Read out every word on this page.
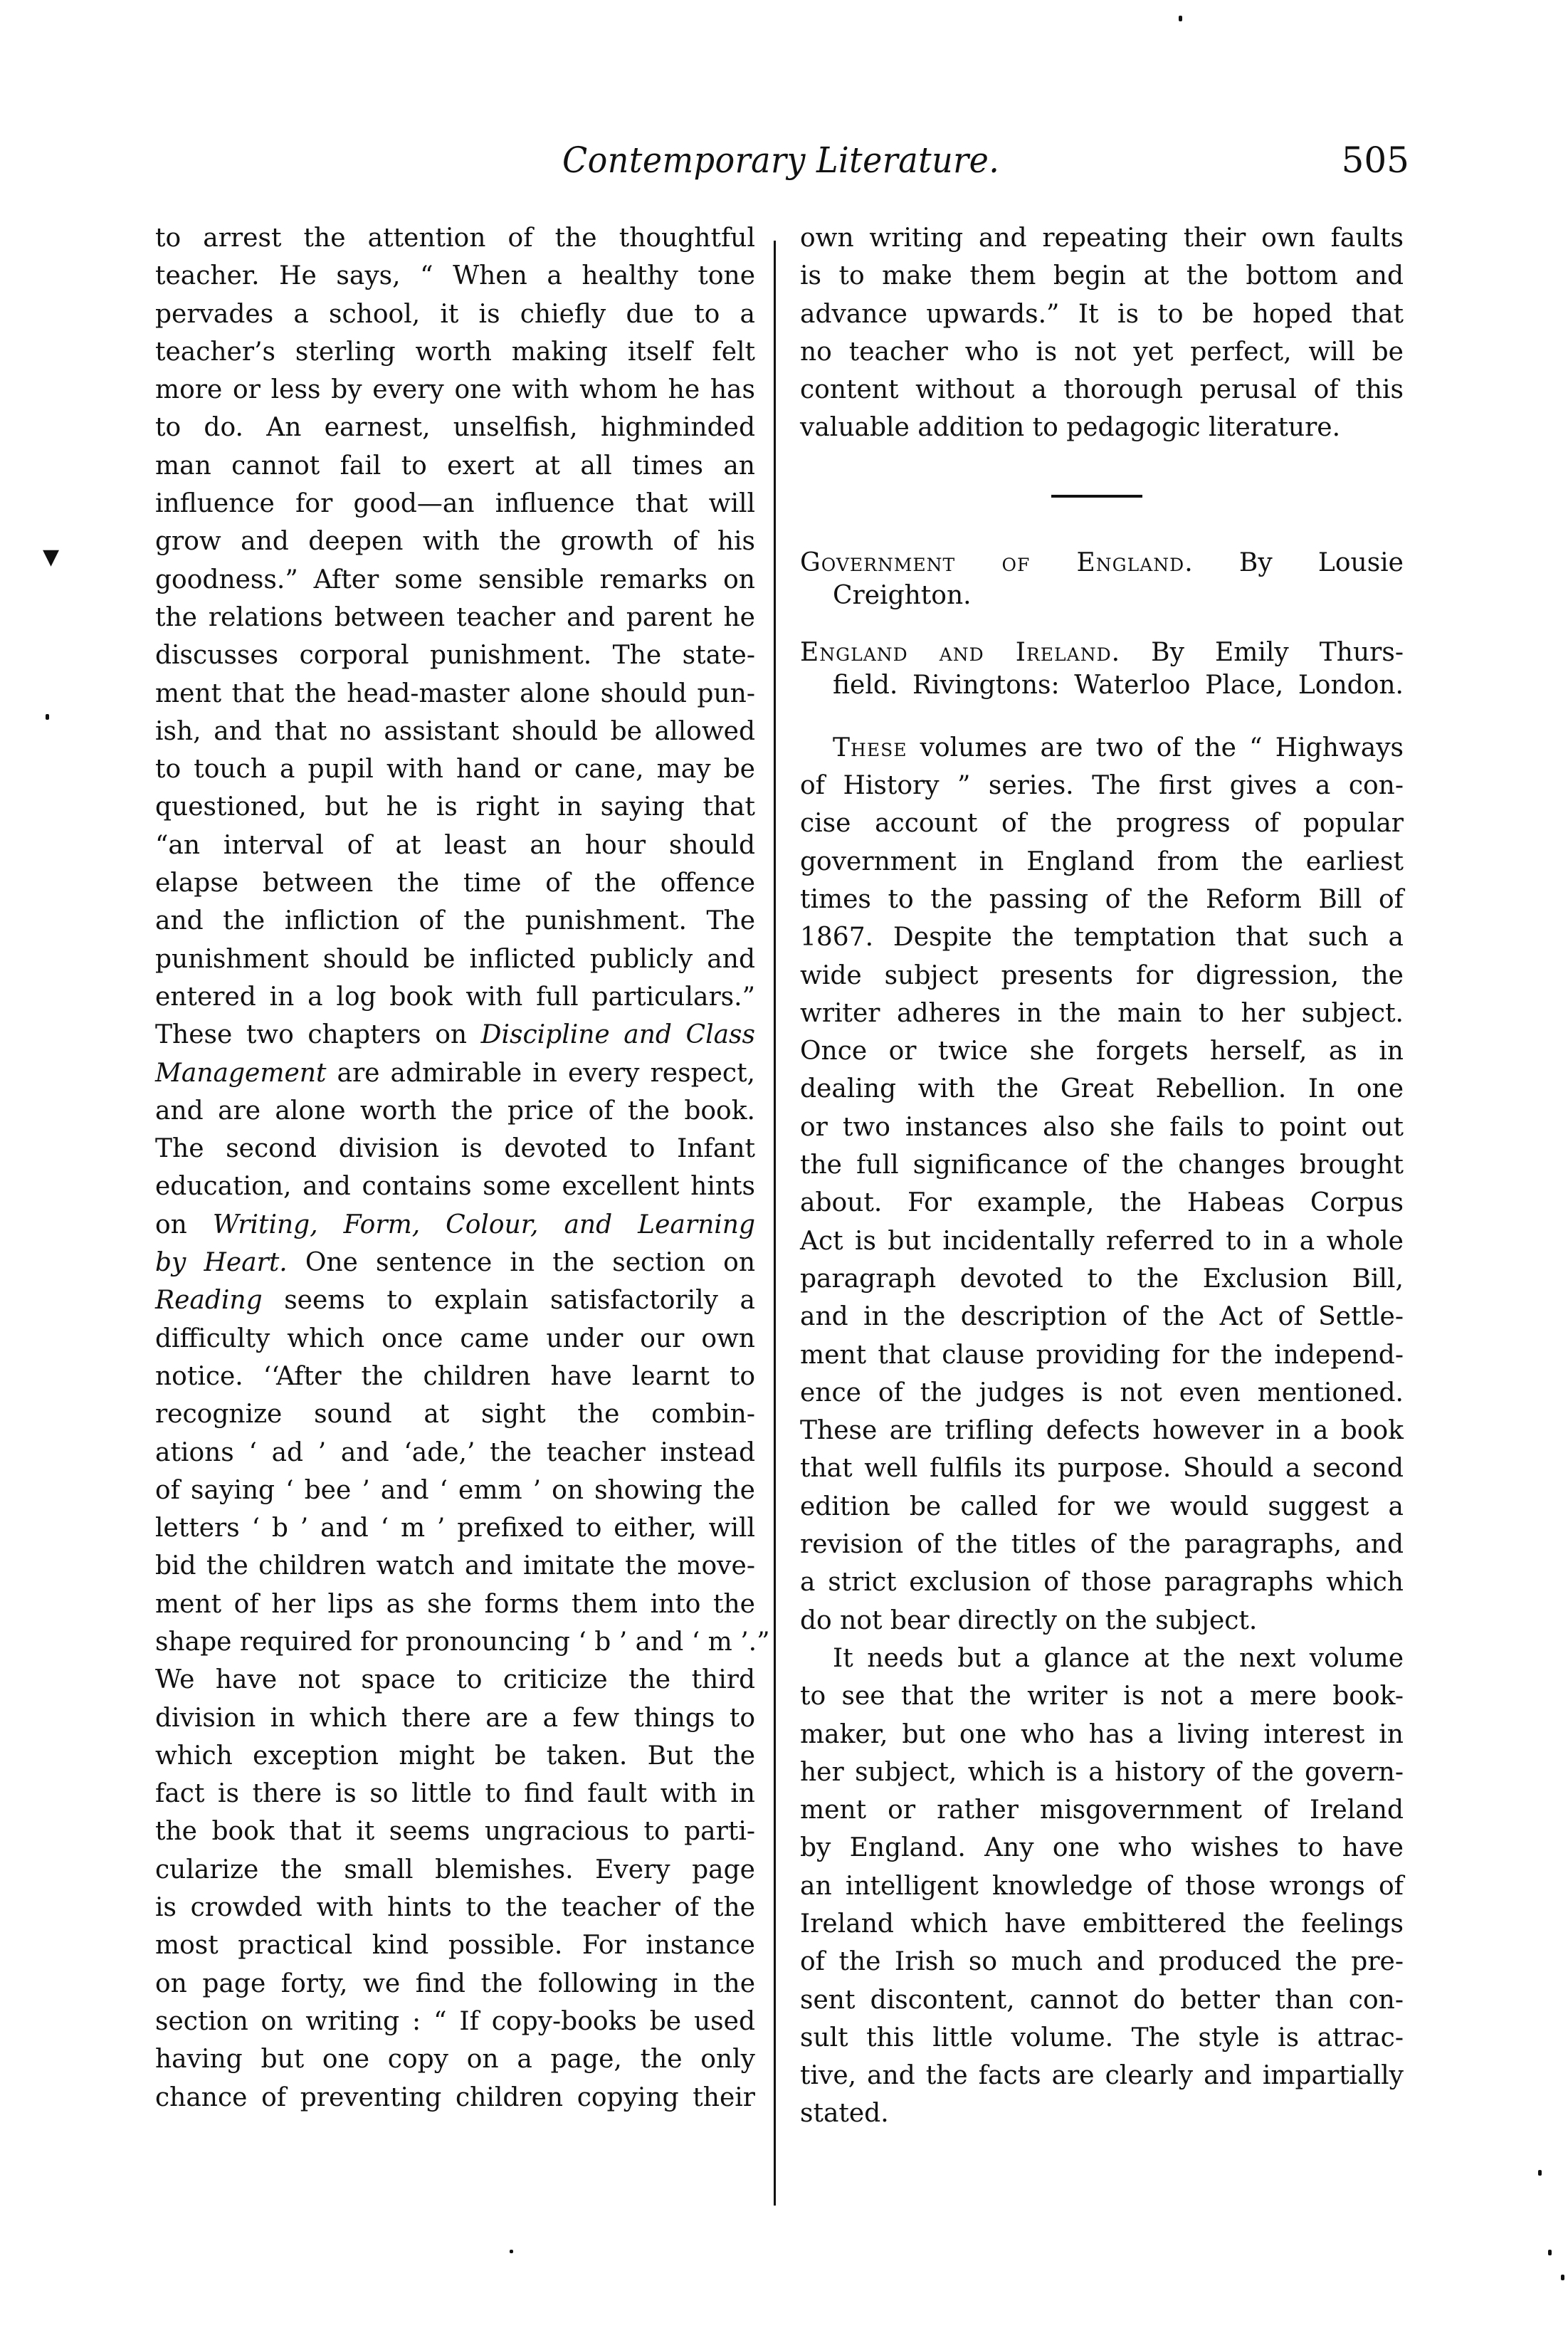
Contemporary Literature.	505
▼
to arrest the attention of the thoughtful
teacher. He says, “ When a healthy tone
pervades a school, it is chiefly due to a
teacher’s sterling worth making itself felt
more or less by every one with whom he has
to do. An earnest, unselfish, highminded
man cannot fail to exert at all times an
influence for good—an influence that will
grow and deepen with the growth of his
goodness.” After some sensible remarks on
the relations between teacher and parent he
discusses corporal punishment. The state-
ment that the head-master alone should pun-
ish, and that no assistant should be allowed
to touch a pupil with hand or cane, may be
questioned, but he is right in saying that
“an interval of at least an hour should
elapse between the time of the offence
and the infliction of the punishment. The
punishment should be inflicted publicly and
entered in a log book with full particulars.”
These two chapters on Discipline and Class
Management are admirable in every respect,
and are alone worth the price of the book.
The second division is devoted to Infant
education, and contains some excellent hints
on Writing, Form, Colour, and Learning
by Heart. One sentence in the section on
Reading seems to explain satisfactorily a
difficulty which once came under our own
notice. ‘‘After the children have learnt to
recognize sound at sight the combin-
ations ‘ ad ’ and ‘ade,’ the teacher instead
of saying ‘ bee ’ and ‘ emm ’ on showing the
letters ‘ b ’ and ‘ m ’ prefixed to either, will
bid the children watch and imitate the move-
ment of her lips as she forms them into the
shape required for pronouncing ‘ b ’ and ‘ m ’.”
We have not space to criticize the third
division in which there are a few things to
which exception might be taken. But the
fact is there is so little to find fault with in
the book that it seems ungracious to parti-
cularize the small blemishes. Every page
is crowded with hints to the teacher of the
most practical kind possible. For instance
on page forty, we find the following in the
section on writing : “ If copy-books be used
having but one copy on a page, the only
chance of preventing children copying their
own writing and repeating their own faults
is to make them begin at the bottom and
advance upwards.” It is to be hoped that
no teacher who is not yet perfect, will be
content without a thorough perusal of this
valuable addition to pedagogic literature.
Government of England. By Lousie
Creighton.
England and Ireland. By Emily Thurs-
field. Rivingtons: Waterloo Place, London.
These volumes are two of the “ Highways
of History ” series. The first gives a con-
cise account of the progress of popular
government in England from the earliest
times to the passing of the Reform Bill of
1867. Despite the temptation that such a
wide subject presents for digression, the
writer adheres in the main to her subject.
Once or twice she forgets herself, as in
dealing with the Great Rebellion. In one
or two instances also she fails to point out
the full significance of the changes brought
about. For example, the Habeas Corpus
Act is but incidentally referred to in a whole
paragraph devoted to the Exclusion Bill,
and in the description of the Act of Settle-
ment that clause providing for the independ-
ence of the judges is not even mentioned.
These are trifling defects however in a book
that well fulfils its purpose. Should a second
edition be called for we would suggest a
revision of the titles of the paragraphs, and
a strict exclusion of those paragraphs which
do not bear directly on the subject.
It needs but a glance at the next volume
to see that the writer is not a mere book-
maker, but one who has a living interest in
her subject, which is a history of the govern-
ment or rather misgovernment of Ireland
by England. Any one who wishes to have
an intelligent knowledge of those wrongs of
Ireland which have embittered the feelings
of the Irish so much and produced the pre-
sent discontent, cannot do better than con-
sult this little volume. The style is attrac-
tive, and the facts are clearly and impartially
stated.
